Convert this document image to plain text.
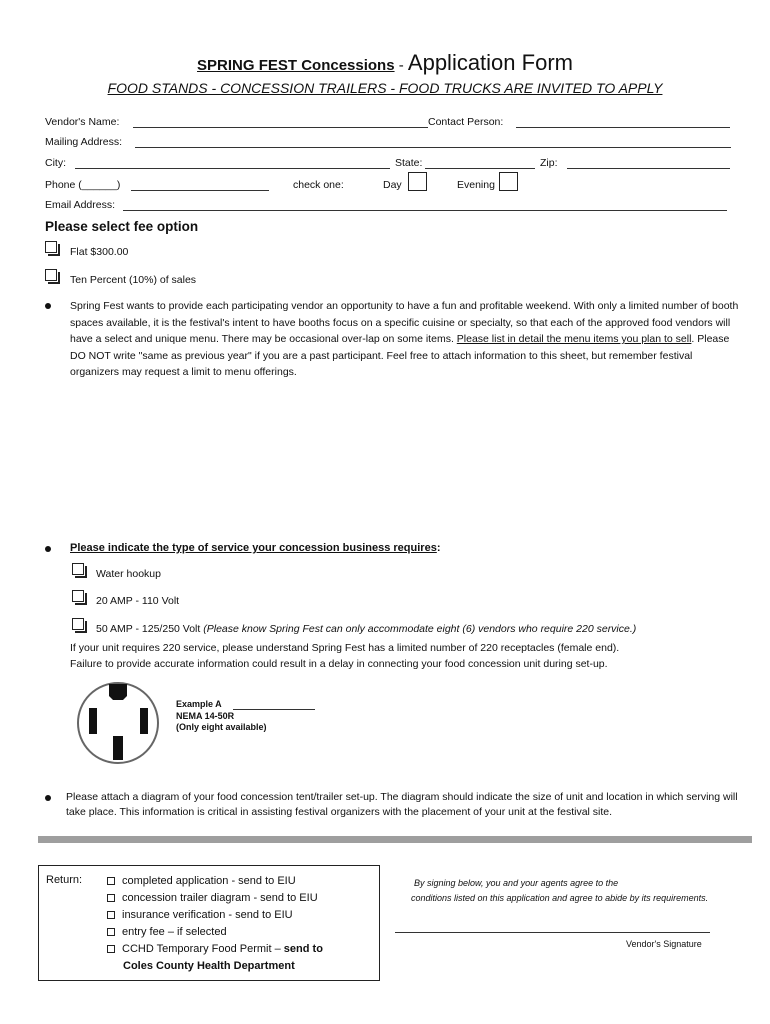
SPRING FEST Concessions - Application Form
FOOD STANDS - CONCESSION TRAILERS - FOOD TRUCKS ARE INVITED TO APPLY
Vendor's Name:	Contact Person:
Mailing Address:
City:	State:	Zip:
Phone (______)	check one:	Day	Evening
Email Address:
Please select fee option
Flat $300.00
Ten Percent (10%) of sales
Spring Fest wants to provide each participating vendor an opportunity to have a fun and profitable weekend. With only a limited number of booth spaces available, it is the festival's intent to have booths focus on a specific cuisine or specialty, so that each of the approved food vendors will have a select and unique menu. There may be occasional over-lap on some items. Please list in detail the menu items you plan to sell. Please DO NOT write "same as previous year" if you are a past participant. Feel free to attach information to this sheet, but remember festival organizers may request a limit to menu offerings.
Please indicate the type of service your concession business requires:
Water hookup
20 AMP - 110 Volt
50 AMP - 125/250 Volt (Please know Spring Fest can only accommodate eight (6) vendors who require 220 service.)
If your unit requires 220 service, please understand Spring Fest has a limited number of 220 receptacles (female end).
Failure to provide accurate information could result in a delay in connecting your food concession unit during set-up.
Example A
NEMA 14-50R
(Only eight available)
Please attach a diagram of your food concession tent/trailer set-up. The diagram should indicate the size of unit and location in which serving will take place. This information is critical in assisting festival organizers with the placement of your unit at the festival site.
Return:	completed application - send to EIU
concession trailer diagram - send to EIU
insurance verification - send to EIU
entry fee – if selected
CCHD Temporary Food Permit – send to
Coles County Health Department
By signing below, you and your agents agree to the
conditions listed on this application and agree to abide by its requirements.
Vendor's Signature
